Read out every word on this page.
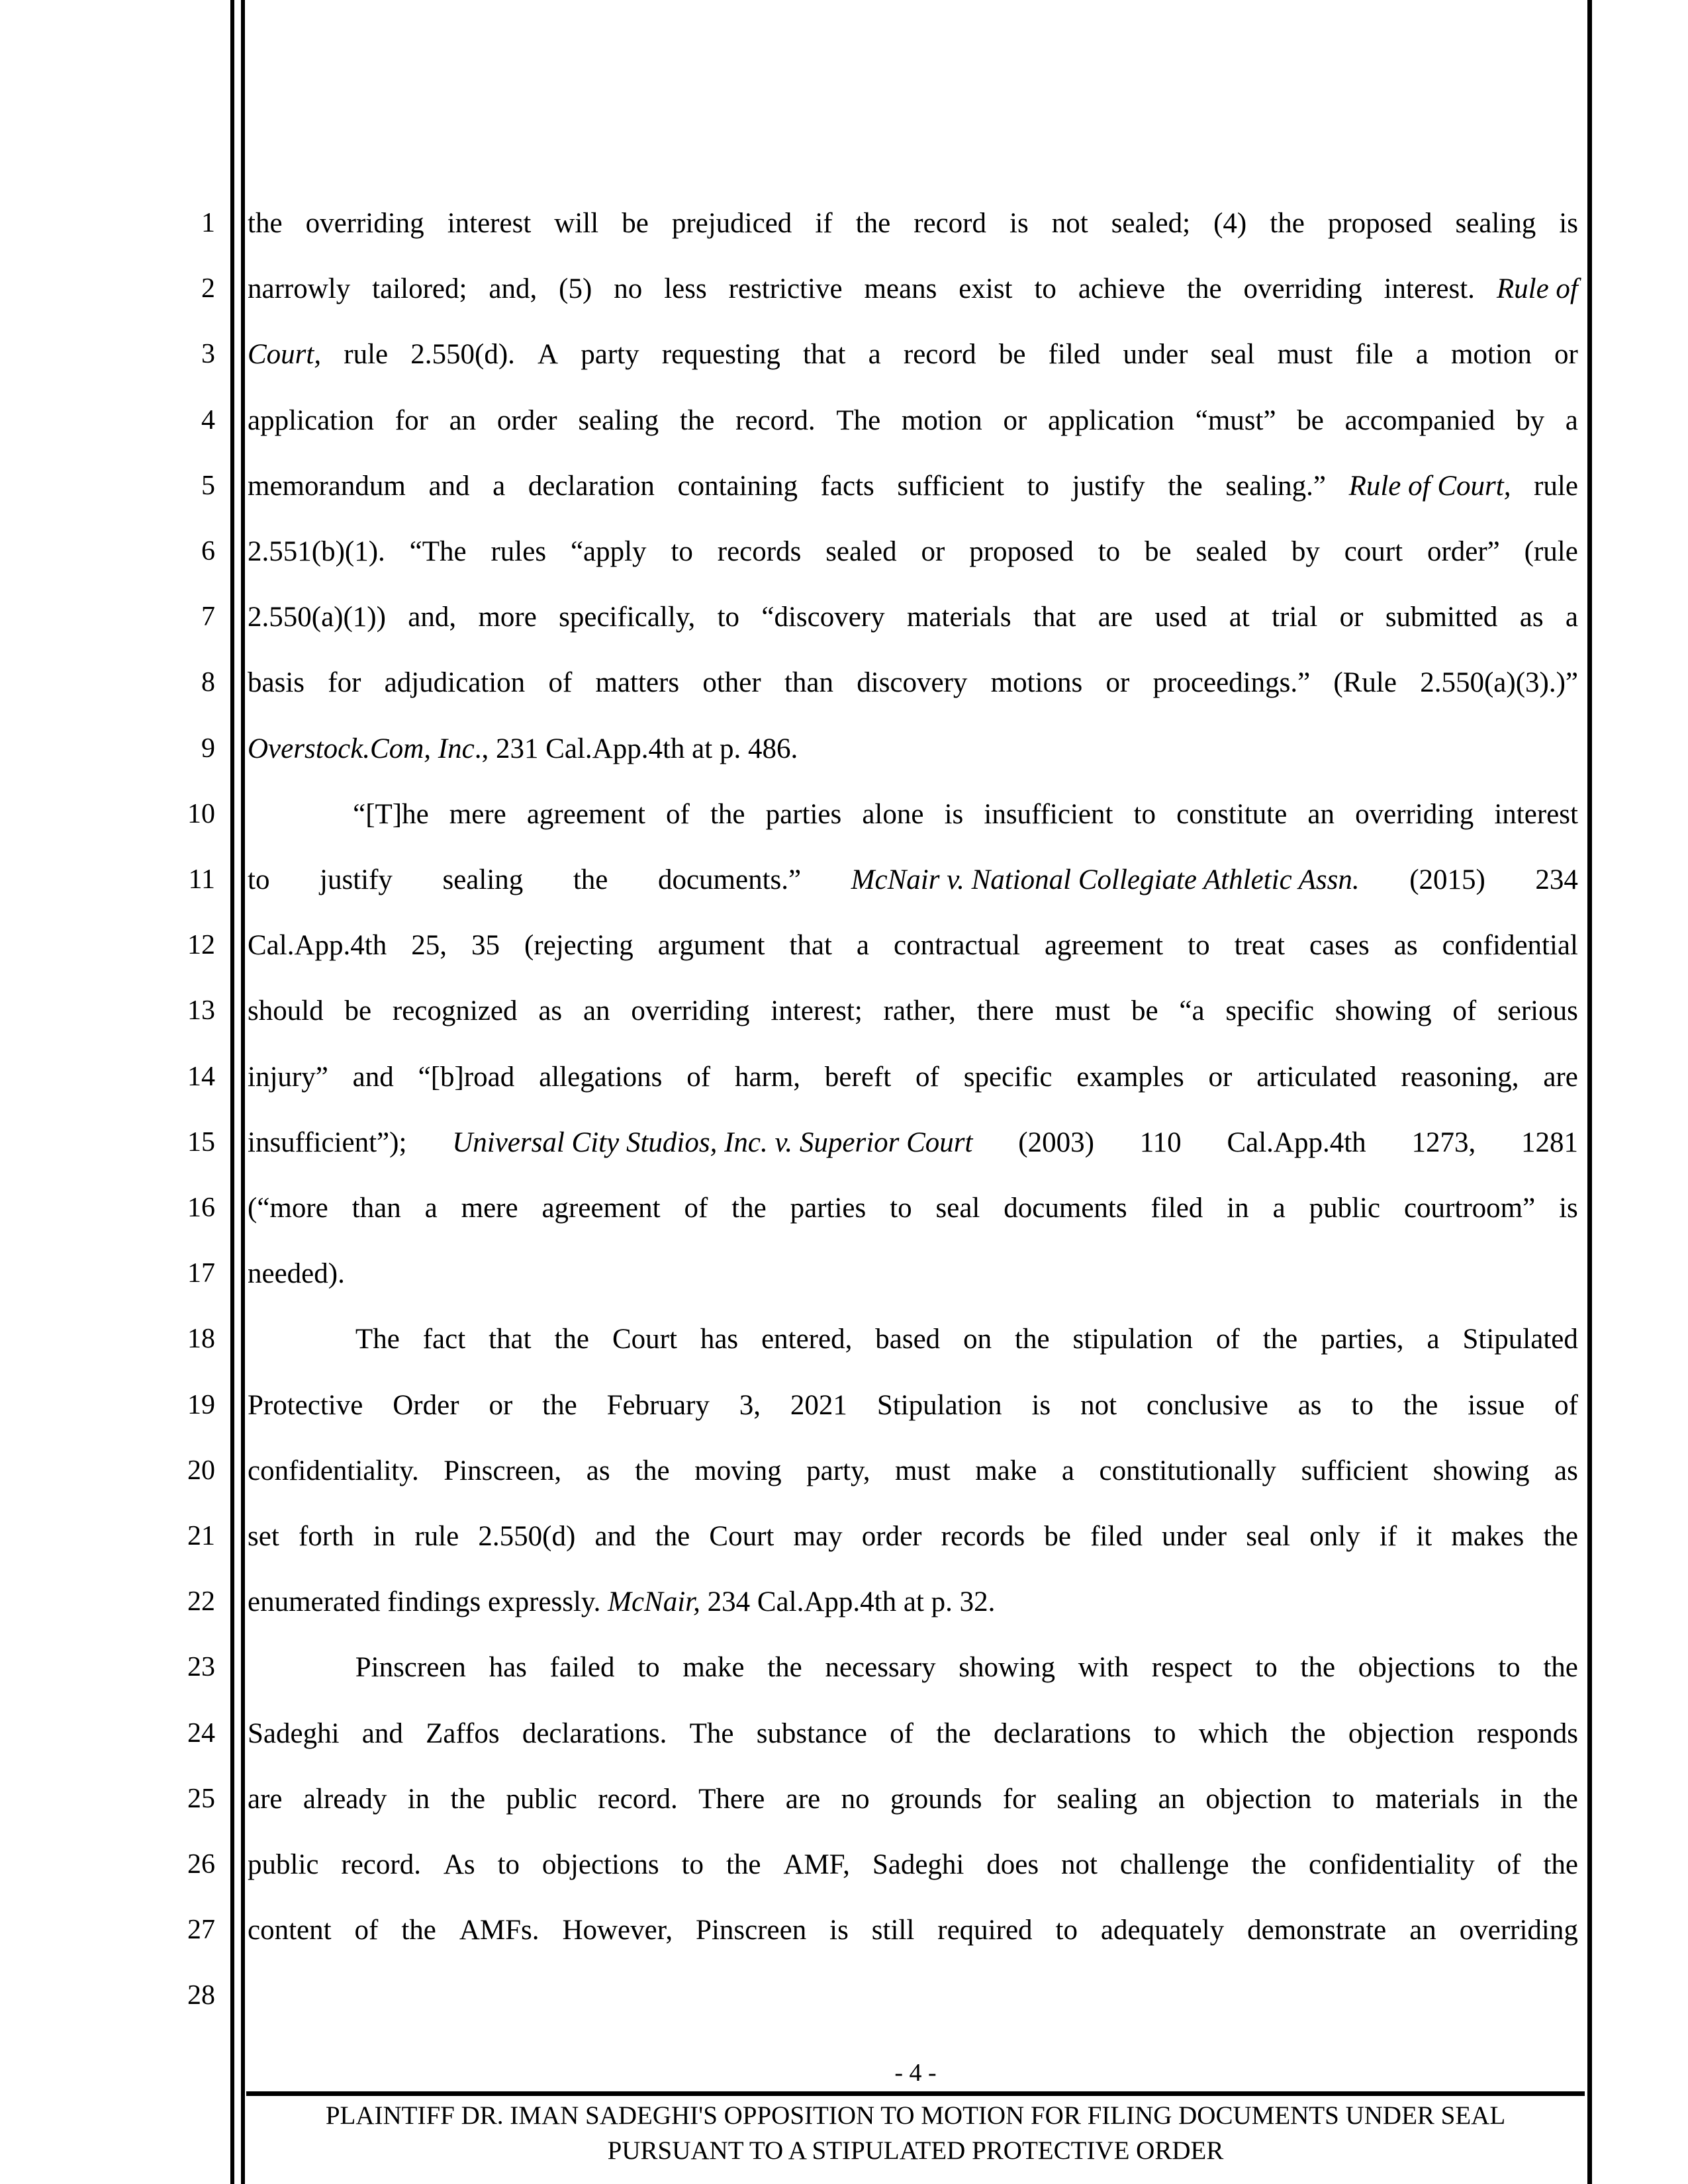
1 the overriding interest will be prejudiced if the record is not sealed; (4) the proposed sealing is
2 narrowly tailored; and, (5) no less restrictive means exist to achieve the overriding interest. Rule of
3 Court, rule 2.550(d). A party requesting that a record be filed under seal must file a motion or
4 application for an order sealing the record. The motion or application “must” be accompanied by a
5 memorandum and a declaration containing facts sufficient to justify the sealing.” Rule of Court, rule
6 2.551(b)(1). “The rules “apply to records sealed or proposed to be sealed by court order” (rule
7 2.550(a)(1)) and, more specifically, to “discovery materials that are used at trial or submitted as a
8 basis for adjudication of matters other than discovery motions or proceedings.” (Rule 2.550(a)(3).)”
9 Overstock.Com, Inc., 231 Cal.App.4th at p. 486.
10	“[T]he mere agreement of the parties alone is insufficient to constitute an overriding interest
11 to justify sealing the documents.” McNair v. National Collegiate Athletic Assn. (2015) 234
12 Cal.App.4th 25, 35 (rejecting argument that a contractual agreement to treat cases as confidential
13 should be recognized as an overriding interest; rather, there must be “a specific showing of serious
14 injury” and “[b]road allegations of harm, bereft of specific examples or articulated reasoning, are
15 insufficient”); Universal City Studios, Inc. v. Superior Court (2003) 110 Cal.App.4th 1273, 1281
16 (“more than a mere agreement of the parties to seal documents filed in a public courtroom” is
17 needed).
18	The fact that the Court has entered, based on the stipulation of the parties, a Stipulated
19 Protective Order or the February 3, 2021 Stipulation is not conclusive as to the issue of
20 confidentiality. Pinscreen, as the moving party, must make a constitutionally sufficient showing as
21 set forth in rule 2.550(d) and the Court may order records be filed under seal only if it makes the
22 enumerated findings expressly. McNair, 234 Cal.App.4th at p. 32.
23	Pinscreen has failed to make the necessary showing with respect to the objections to the
24 Sadeghi and Zaffos declarations. The substance of the declarations to which the objection responds
25 are already in the public record. There are no grounds for sealing an objection to materials in the
26 public record. As to objections to the AMF, Sadeghi does not challenge the confidentiality of the
27 content of the AMFs. However, Pinscreen is still required to adequately demonstrate an overriding
28
- 4 -
PLAINTIFF DR. IMAN SADEGHI'S OPPOSITION TO MOTION FOR FILING DOCUMENTS UNDER SEAL
PURSUANT TO A STIPULATED PROTECTIVE ORDER
